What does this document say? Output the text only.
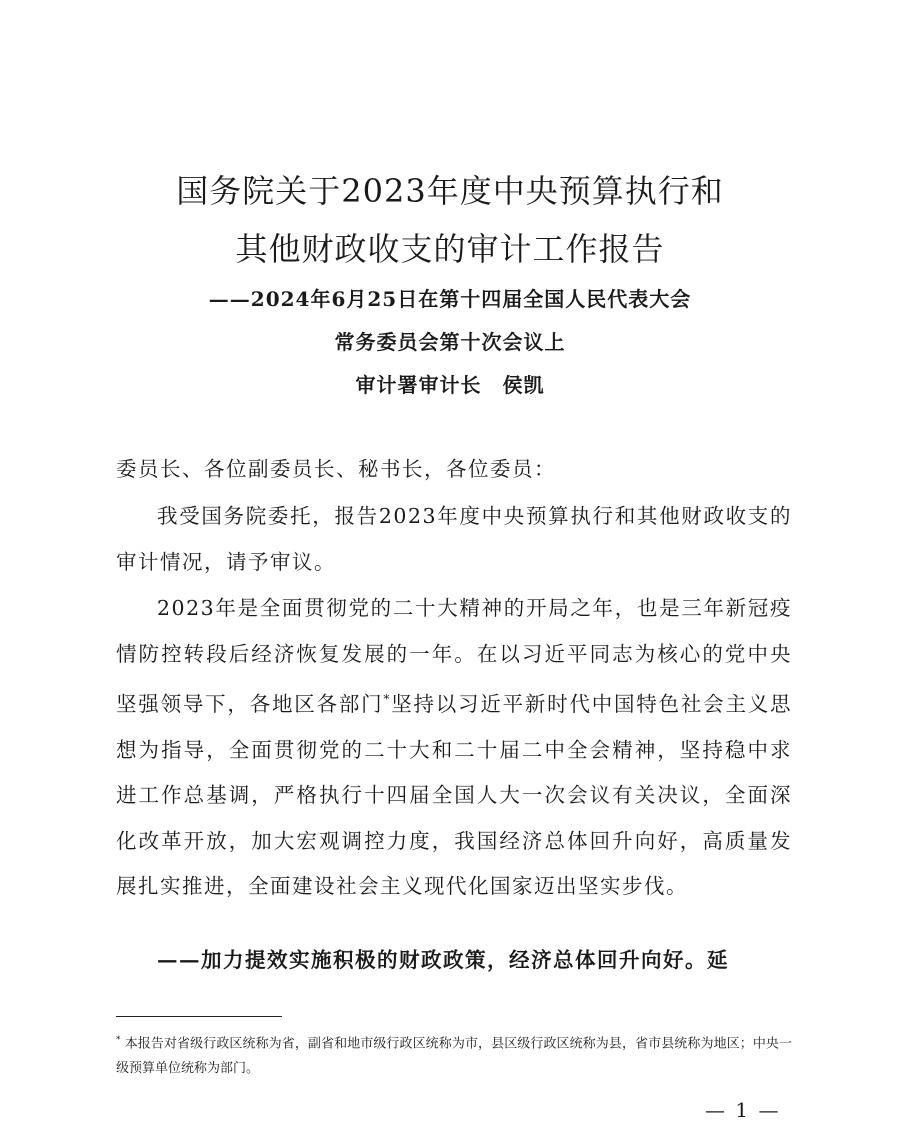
国务院关于2023年度中央预算执行和
其他财政收支的审计工作报告
——2024年6月25日在第十四届全国人民代表大会
常务委员会第十次会议上
审计署审计长　侯凯
委员长、各位副委员长、秘书长，各位委员：

我受国务院委托，报告2023年度中央预算执行和其他财政收支的审计情况，请予审议。

2023年是全面贯彻党的二十大精神的开局之年，也是三年新冠疫情防控转段后经济恢复发展的一年。在以习近平同志为核心的党中央坚强领导下，各地区各部门*坚持以习近平新时代中国特色社会主义思想为指导，全面贯彻党的二十大和二十届二中全会精神，坚持稳中求进工作总基调，严格执行十四届全国人大一次会议有关决议，全面深化改革开放，加大宏观调控力度，我国经济总体回升向好，高质量发展扎实推进，全面建设社会主义现代化国家迈出坚实步伐。

——加力提效实施积极的财政政策，经济总体回升向好。延

* 本报告对省级行政区统称为省，副省和地市级行政区统称为市，县区级行政区统称为县，省市县统称为地区；中央一级预算单位统称为部门。
— 1 —
